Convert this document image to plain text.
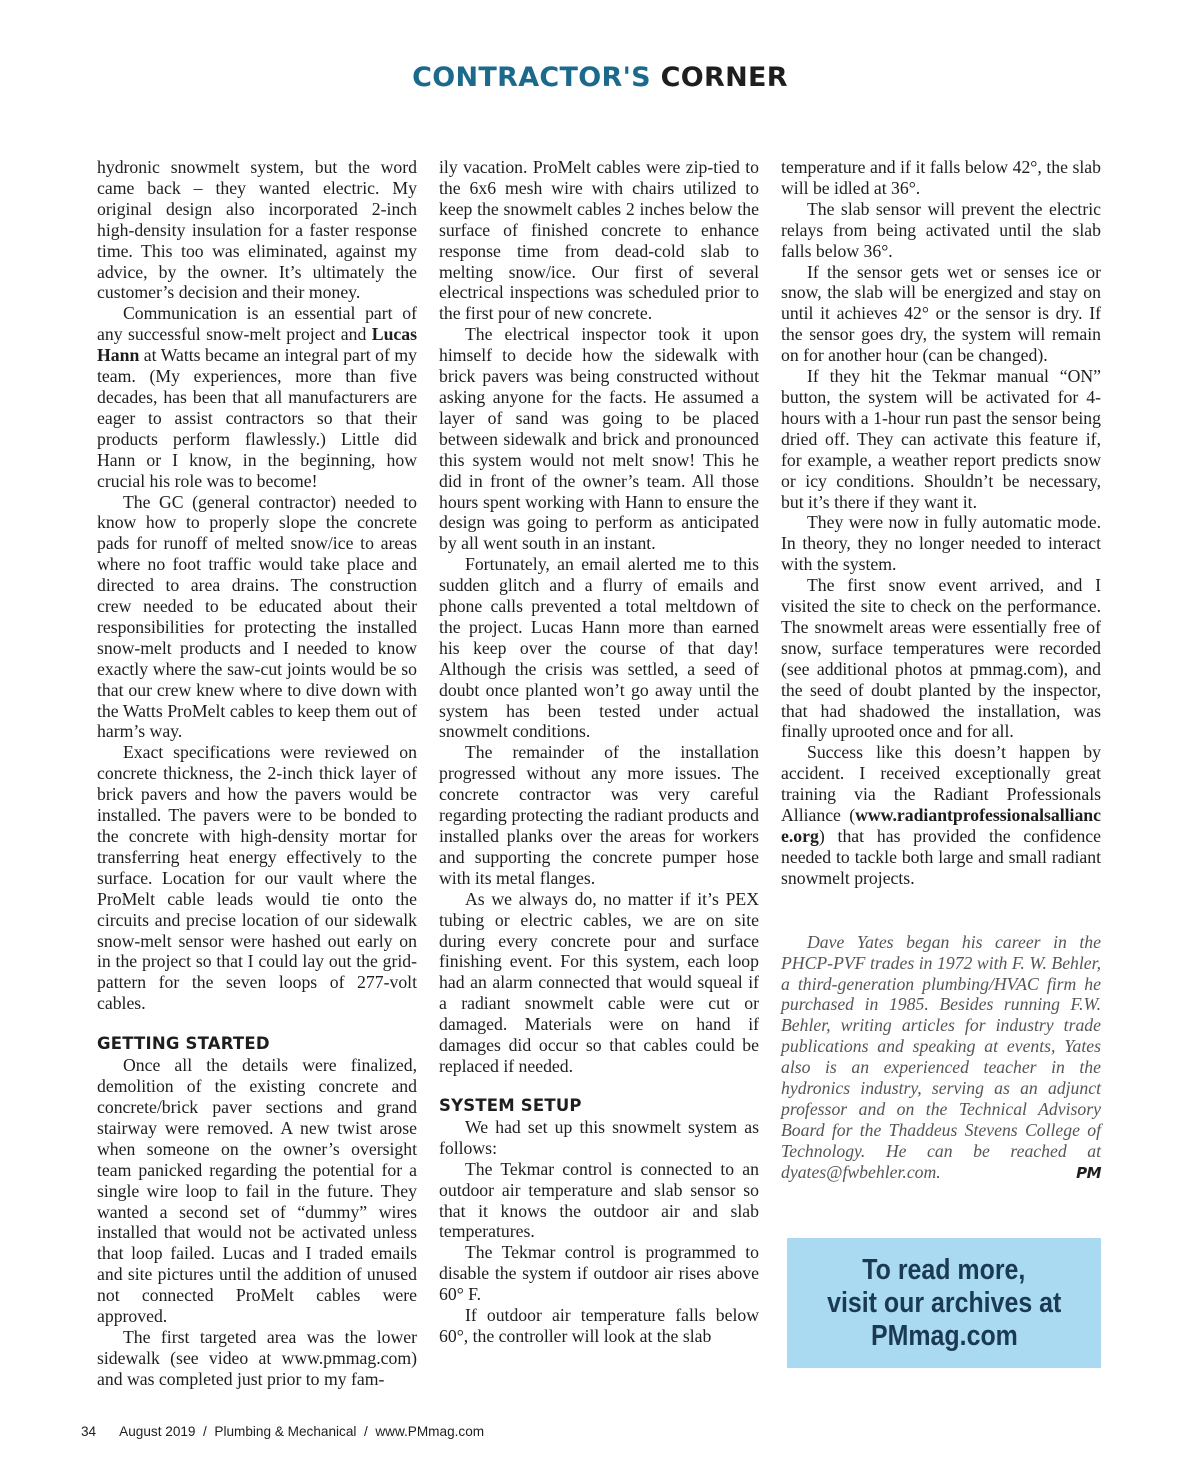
CONTRACTOR'S CORNER

hydronic snowmelt system, but the word came back – they wanted electric. My original design also incorporated 2-inch high-density insulation for a faster response time. This too was eliminated, against my advice, by the owner. It’s ultimately the customer’s decision and their money.

Communication is an essential part of any successful snow-melt project and Lucas Hann at Watts became an integral part of my team. (My experiences, more than five decades, has been that all manufacturers are eager to assist contractors so that their products perform flawlessly.) Little did Hann or I know, in the beginning, how crucial his role was to become!

The GC (general contractor) needed to know how to properly slope the concrete pads for runoff of melted snow/ice to areas where no foot traffic would take place and directed to area drains. The construction crew needed to be educated about their responsibilities for protecting the installed snow-melt products and I needed to know exactly where the saw-cut joints would be so that our crew knew where to dive down with the Watts ProMelt cables to keep them out of harm’s way.

Exact specifications were reviewed on concrete thickness, the 2-inch thick layer of brick pavers and how the pavers would be installed. The pavers were to be bonded to the concrete with high-density mortar for transferring heat energy effectively to the surface. Location for our vault where the ProMelt cable leads would tie onto the circuits and precise location of our sidewalk snow-melt sensor were hashed out early on in the project so that I could lay out the grid-pattern for the seven loops of 277-volt cables.

GETTING STARTED

Once all the details were finalized, demolition of the existing concrete and concrete/brick paver sections and grand stairway were removed. A new twist arose when someone on the owner’s oversight team panicked regarding the potential for a single wire loop to fail in the future. They wanted a second set of “dummy” wires installed that would not be activated unless that loop failed. Lucas and I traded emails and site pictures until the addition of unused not connected ProMelt cables were approved.

The first targeted area was the lower sidewalk (see video at www.pmmag.com) and was completed just prior to my fam-

ily vacation. ProMelt cables were zip-tied to the 6x6 mesh wire with chairs utilized to keep the snowmelt cables 2 inches below the surface of finished concrete to enhance response time from dead-cold slab to melting snow/ice. Our first of several electrical inspections was scheduled prior to the first pour of new concrete.

The electrical inspector took it upon himself to decide how the sidewalk with brick pavers was being constructed without asking anyone for the facts. He assumed a layer of sand was going to be placed between sidewalk and brick and pronounced this system would not melt snow! This he did in front of the owner’s team. All those hours spent working with Hann to ensure the design was going to perform as anticipated by all went south in an instant.

Fortunately, an email alerted me to this sudden glitch and a flurry of emails and phone calls prevented a total meltdown of the project. Lucas Hann more than earned his keep over the course of that day! Although the crisis was settled, a seed of doubt once planted won’t go away until the system has been tested under actual snowmelt conditions.

The remainder of the installation progressed without any more issues. The concrete contractor was very careful regarding protecting the radiant products and installed planks over the areas for workers and supporting the concrete pumper hose with its metal flanges.

As we always do, no matter if it’s PEX tubing or electric cables, we are on site during every concrete pour and surface finishing event. For this system, each loop had an alarm connected that would squeal if a radiant snowmelt cable were cut or damaged. Materials were on hand if damages did occur so that cables could be replaced if needed.

SYSTEM SETUP

We had set up this snowmelt system as follows:

The Tekmar control is connected to an outdoor air temperature and slab sensor so that it knows the outdoor air and slab temperatures.

The Tekmar control is programmed to disable the system if outdoor air rises above 60° F.

If outdoor air temperature falls below 60°, the controller will look at the slab

temperature and if it falls below 42°, the slab will be idled at 36°.

The slab sensor will prevent the electric relays from being activated until the slab falls below 36°.

If the sensor gets wet or senses ice or snow, the slab will be energized and stay on until it achieves 42° or the sensor is dry. If the sensor goes dry, the system will remain on for another hour (can be changed).

If they hit the Tekmar manual “ON” button, the system will be activated for 4-hours with a 1-hour run past the sensor being dried off. They can activate this feature if, for example, a weather report predicts snow or icy conditions. Shouldn’t be necessary, but it’s there if they want it.

They were now in fully automatic mode. In theory, they no longer needed to interact with the system.

The first snow event arrived, and I visited the site to check on the performance. The snowmelt areas were essentially free of snow, surface temperatures were recorded (see additional photos at pmmag.com), and the seed of doubt planted by the inspector, that had shadowed the installation, was finally uprooted once and for all.

Success like this doesn’t happen by accident. I received exceptionally great training via the Radiant Professionals Alliance (www.radiantprofessionalsalliance.org) that has provided the confidence needed to tackle both large and small radiant snowmelt projects.

Dave Yates began his career in the PHCP-PVF trades in 1972 with F. W. Behler, a third-generation plumbing/HVAC firm he purchased in 1985. Besides running F.W. Behler, writing articles for industry trade publications and speaking at events, Yates also is an experienced teacher in the hydronics industry, serving as an adjunct professor and on the Technical Advisory Board for the Thaddeus Stevens College of Technology. He can be reached at dyates@fwbehler.com.	PM

To read more,
visit our archives at
PMmag.com
34 August 2019  /  Plumbing & Mechanical  /  www.PMmag.com
